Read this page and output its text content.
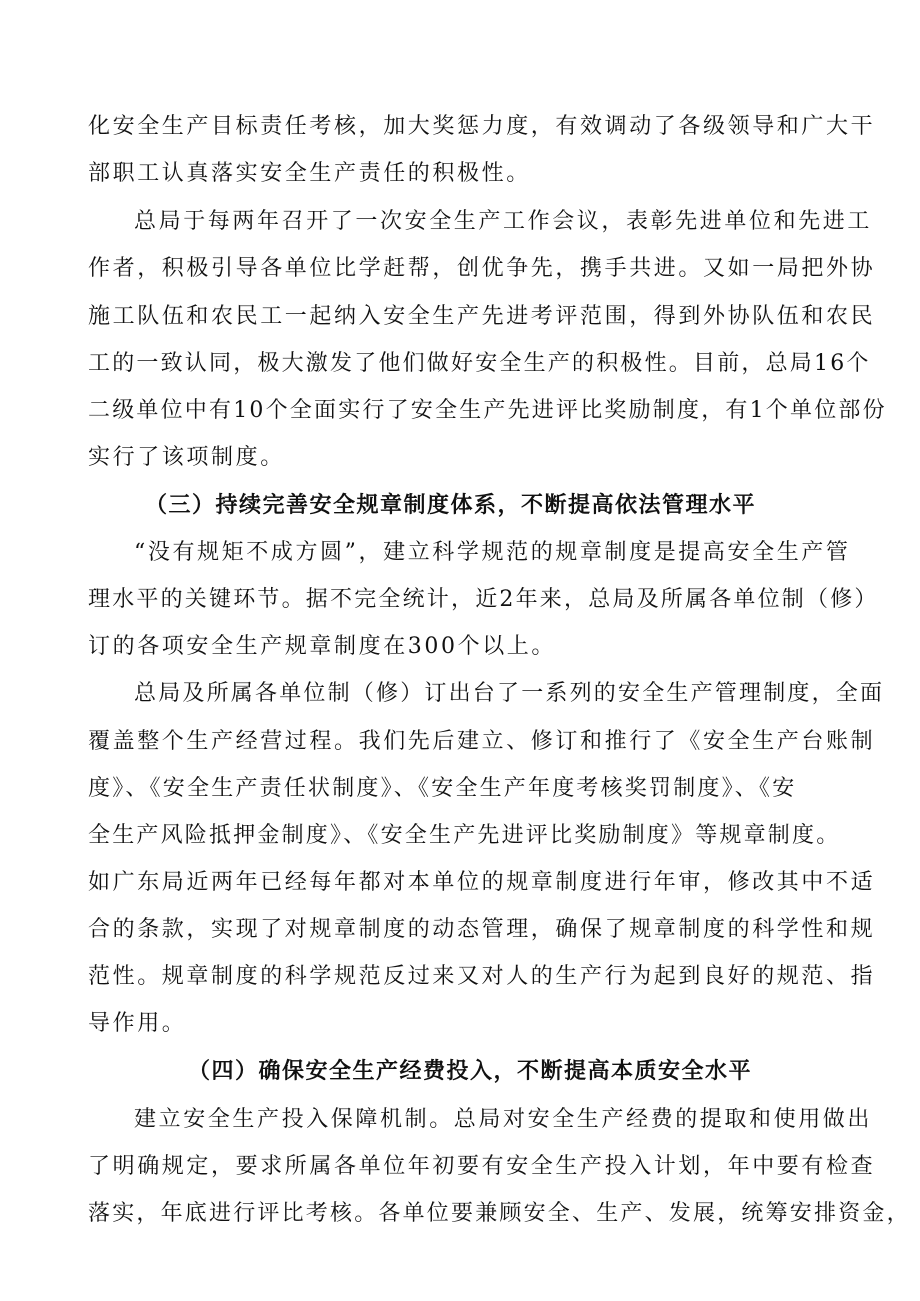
化安全生产目标责任考核，加大奖惩力度，有效调动了各级领导和广大干
部职工认真落实安全生产责任的积极性。
总局于每两年召开了一次安全生产工作会议，表彰先进单位和先进工
作者，积极引导各单位比学赶帮，创优争先，携手共进。又如一局把外协
施工队伍和农民工一起纳入安全生产先进考评范围，得到外协队伍和农民
工的一致认同，极大激发了他们做好安全生产的积极性。目前，总局16个
二级单位中有10个全面实行了安全生产先进评比奖励制度，有1个单位部份
实行了该项制度。
（三）持续完善安全规章制度体系，不断提高依法管理水平
“没有规矩不成方圆”，建立科学规范的规章制度是提高安全生产管
理水平的关键环节。据不完全统计，近2年来，总局及所属各单位制（修）
订的各项安全生产规章制度在300个以上。
总局及所属各单位制（修）订出台了一系列的安全生产管理制度，全面
覆盖整个生产经营过程。我们先后建立、修订和推行了《安全生产台账制
度》、《安全生产责任状制度》、《安全生产年度考核奖罚制度》、《安
全生产风险抵押金制度》、《安全生产先进评比奖励制度》等规章制度。
如广东局近两年已经每年都对本单位的规章制度进行年审，修改其中不适
合的条款，实现了对规章制度的动态管理，确保了规章制度的科学性和规
范性。规章制度的科学规范反过来又对人的生产行为起到良好的规范、指
导作用。
（四）确保安全生产经费投入，不断提高本质安全水平
建立安全生产投入保障机制。总局对安全生产经费的提取和使用做出
了明确规定，要求所属各单位年初要有安全生产投入计划，年中要有检查
落实，年底进行评比考核。各单位要兼顾安全、生产、发展，统筹安排资金，
